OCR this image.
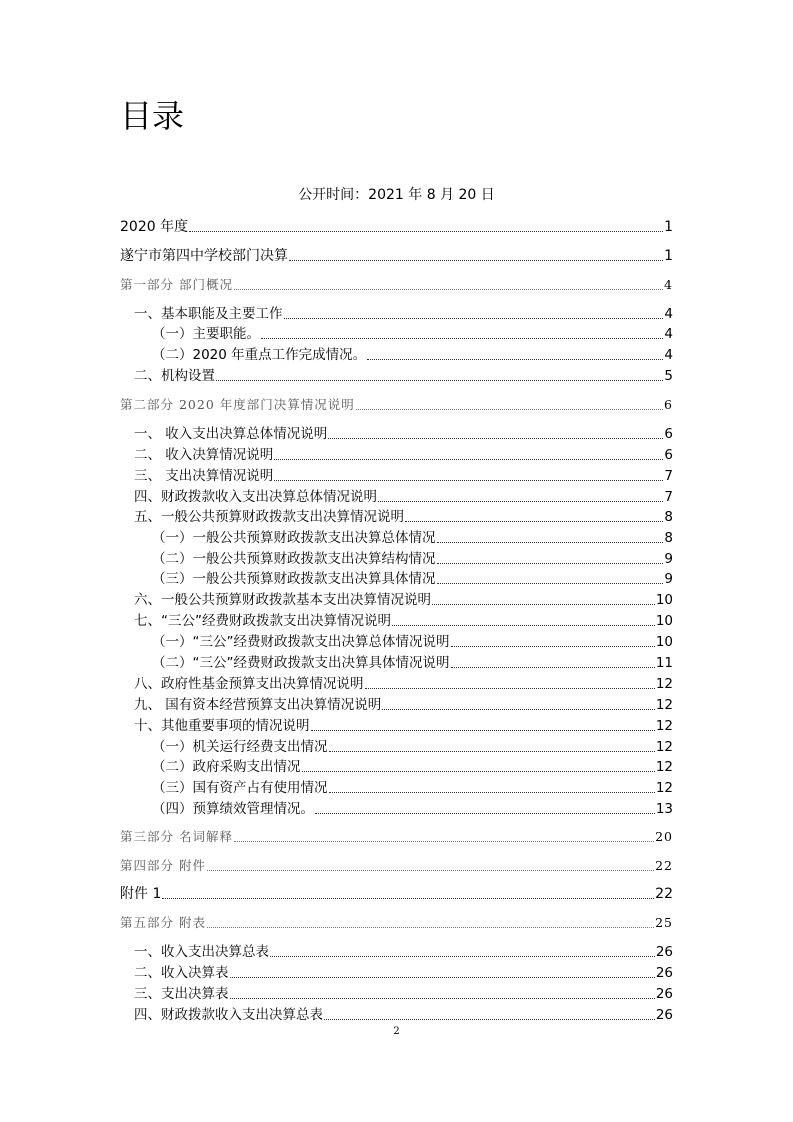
目录
公开时间：2021 年 8 月 20 日
2020 年度	1
遂宁市第四中学校部门决算	1
第一部分 部门概况	4
一、基本职能及主要工作	4
（一）主要职能。	4
（二）2020 年重点工作完成情况。	4
二、机构设置	5
第二部分 2020 年度部门决算情况说明	6
一、 收入支出决算总体情况说明	6
二、 收入决算情况说明	6
三、 支出决算情况说明	7
四、财政拨款收入支出决算总体情况说明	7
五、一般公共预算财政拨款支出决算情况说明	8
（一）一般公共预算财政拨款支出决算总体情况	8
（二）一般公共预算财政拨款支出决算结构情况	9
（三）一般公共预算财政拨款支出决算具体情况	9
六、一般公共预算财政拨款基本支出决算情况说明	10
七、“三公”经费财政拨款支出决算情况说明	10
（一）“三公”经费财政拨款支出决算总体情况说明	10
（二）“三公”经费财政拨款支出决算具体情况说明	11
八、政府性基金预算支出决算情况说明	12
九、 国有资本经营预算支出决算情况说明	12
十、其他重要事项的情况说明	12
（一）机关运行经费支出情况	12
（二）政府采购支出情况	12
（三）国有资产占有使用情况	12
（四）预算绩效管理情况。	13
第三部分 名词解释	20
第四部分 附件	22
附件 1	22
第五部分 附表	25
一、收入支出决算总表	26
二、收入决算表	26
三、支出决算表	26
四、财政拨款收入支出决算总表	26
2
